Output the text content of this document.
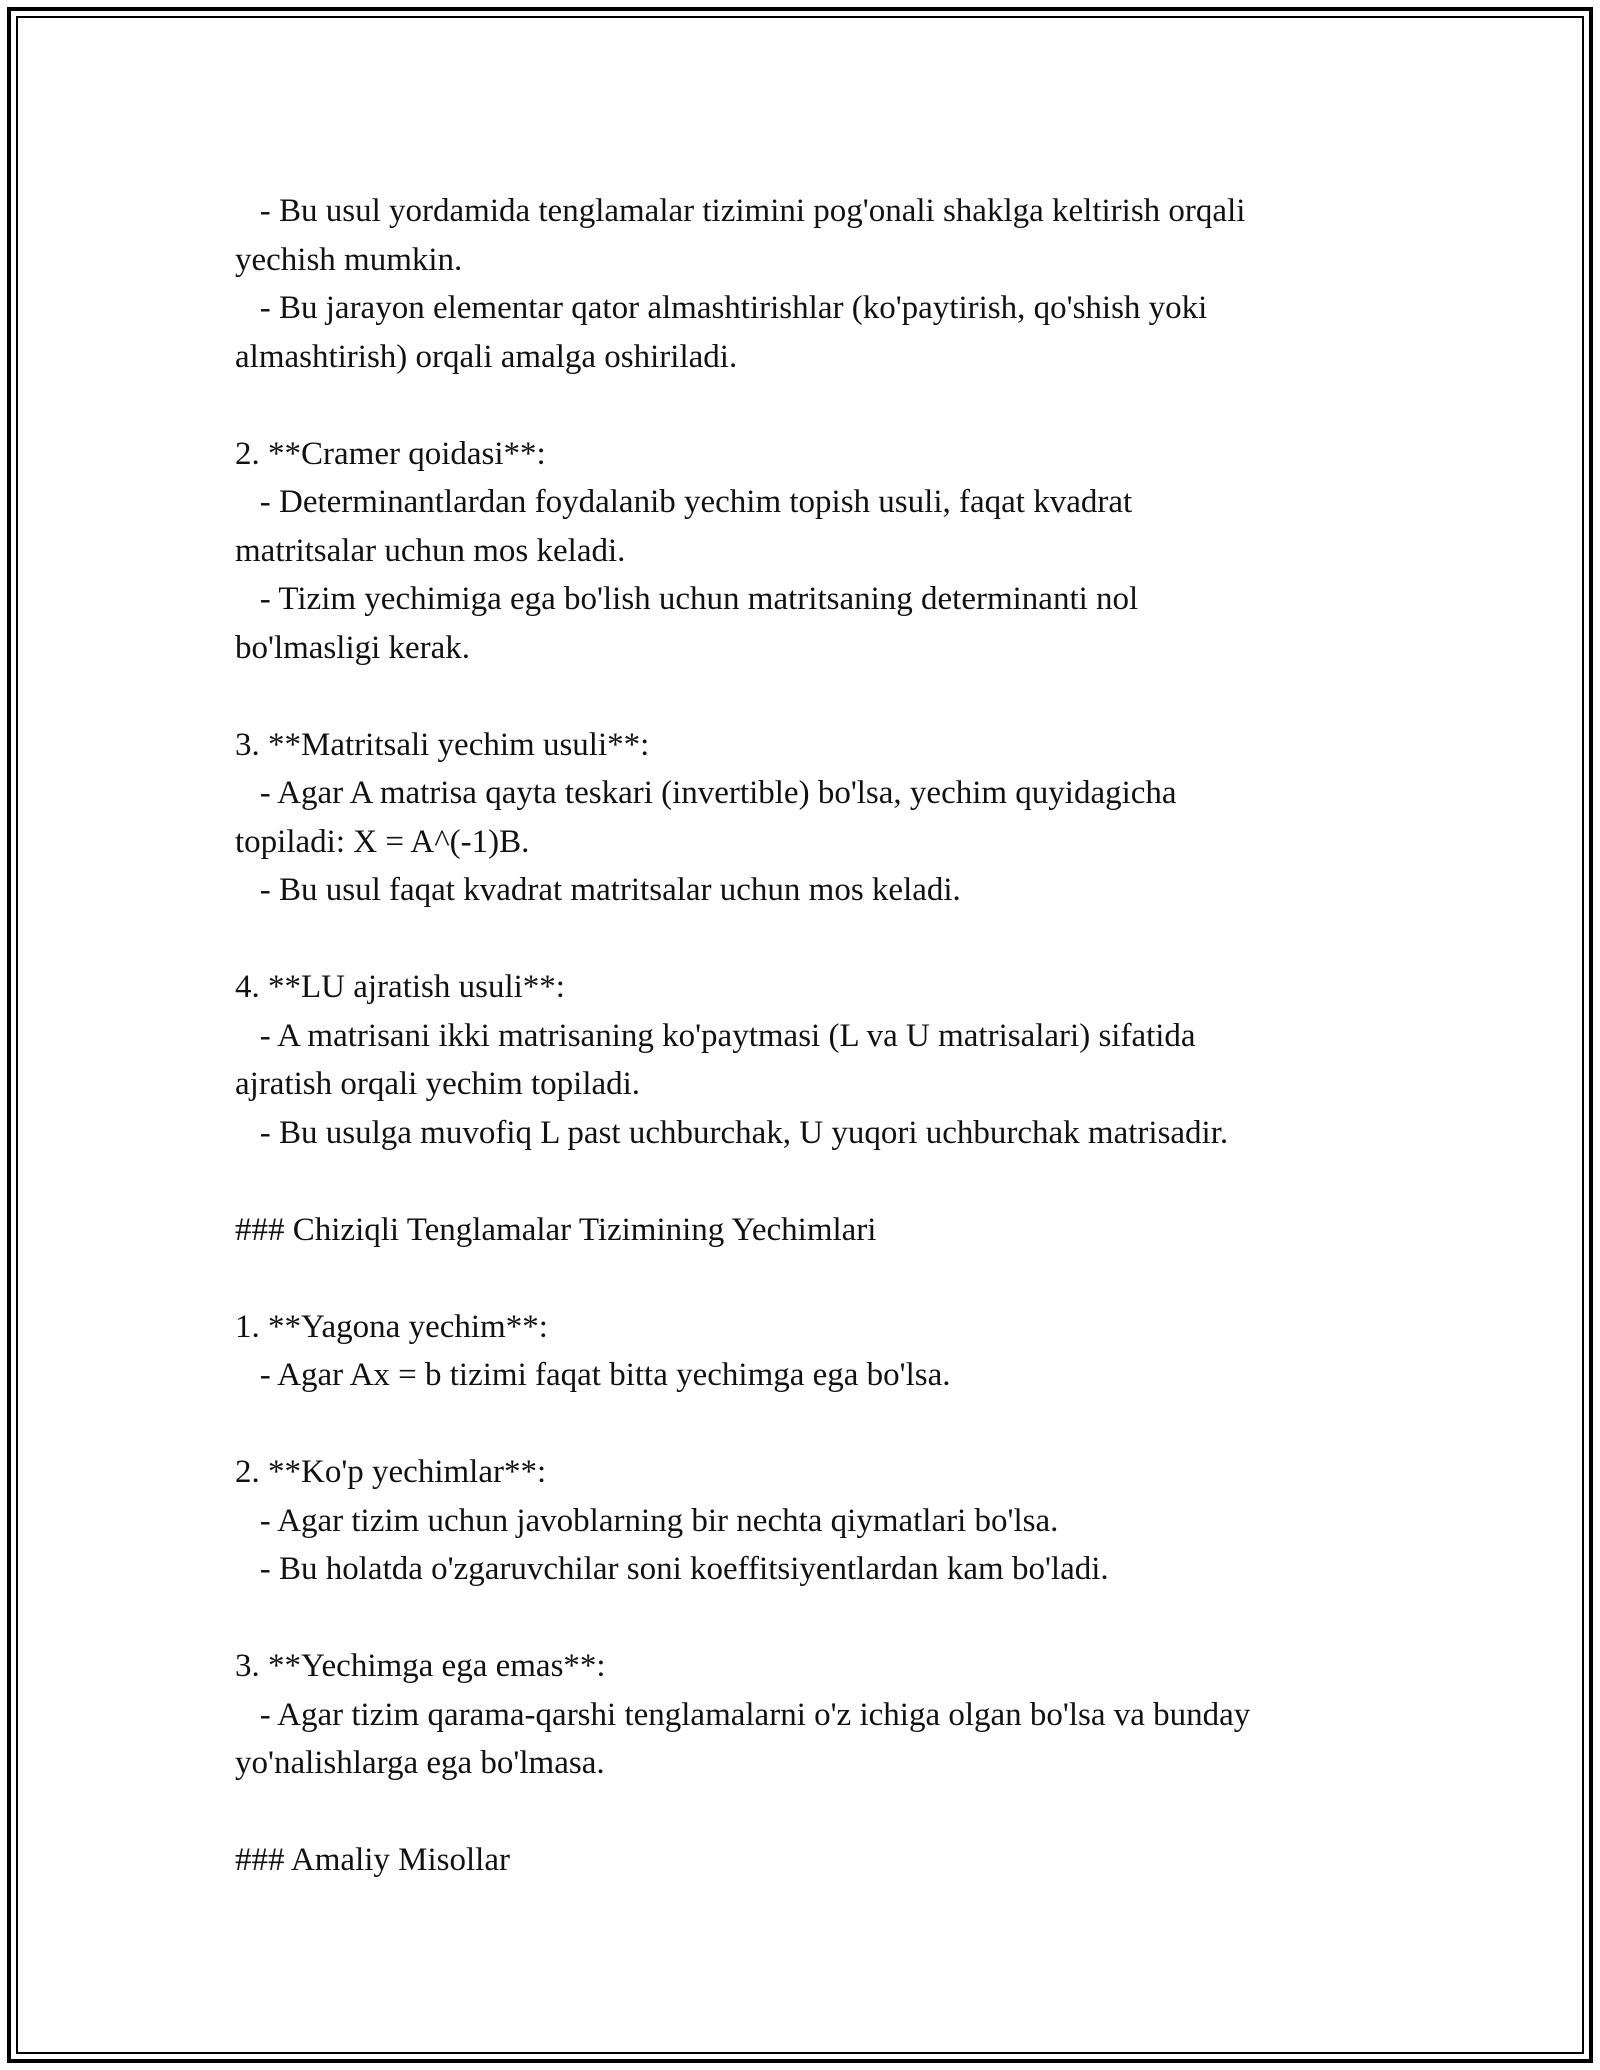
- Bu usul yordamida tenglamalar tizimini pog'onali shaklga keltirish orqali

yechish mumkin.

- Bu jarayon elementar qator almashtirishlar (ko'paytirish, qo'shish yoki

almashtirish) orqali amalga oshiriladi.

2. **Cramer qoidasi**:

- Determinantlardan foydalanib yechim topish usuli, faqat kvadrat

matritsalar uchun mos keladi.

- Tizim yechimiga ega bo'lish uchun matritsaning determinanti nol

bo'lmasligi kerak.

3. **Matritsali yechim usuli**:

- Agar A matrisa qayta teskari (invertible) bo'lsa, yechim quyidagicha

topiladi: X = A^(-1)B.

- Bu usul faqat kvadrat matritsalar uchun mos keladi.

4. **LU ajratish usuli**:

- A matrisani ikki matrisaning ko'paytmasi (L va U matrisalari) sifatida

ajratish orqali yechim topiladi.

- Bu usulga muvofiq L past uchburchak, U yuqori uchburchak matrisadir.

### Chiziqli Tenglamalar Tizimining Yechimlari

1. **Yagona yechim**:

- Agar Ax = b tizimi faqat bitta yechimga ega bo'lsa.

2. **Ko'p yechimlar**:

- Agar tizim uchun javoblarning bir nechta qiymatlari bo'lsa.

- Bu holatda o'zgaruvchilar soni koeffitsiyentlardan kam bo'ladi.

3. **Yechimga ega emas**:

- Agar tizim qarama-qarshi tenglamalarni o'z ichiga olgan bo'lsa va bunday

yo'nalishlarga ega bo'lmasa.

### Amaliy Misollar
